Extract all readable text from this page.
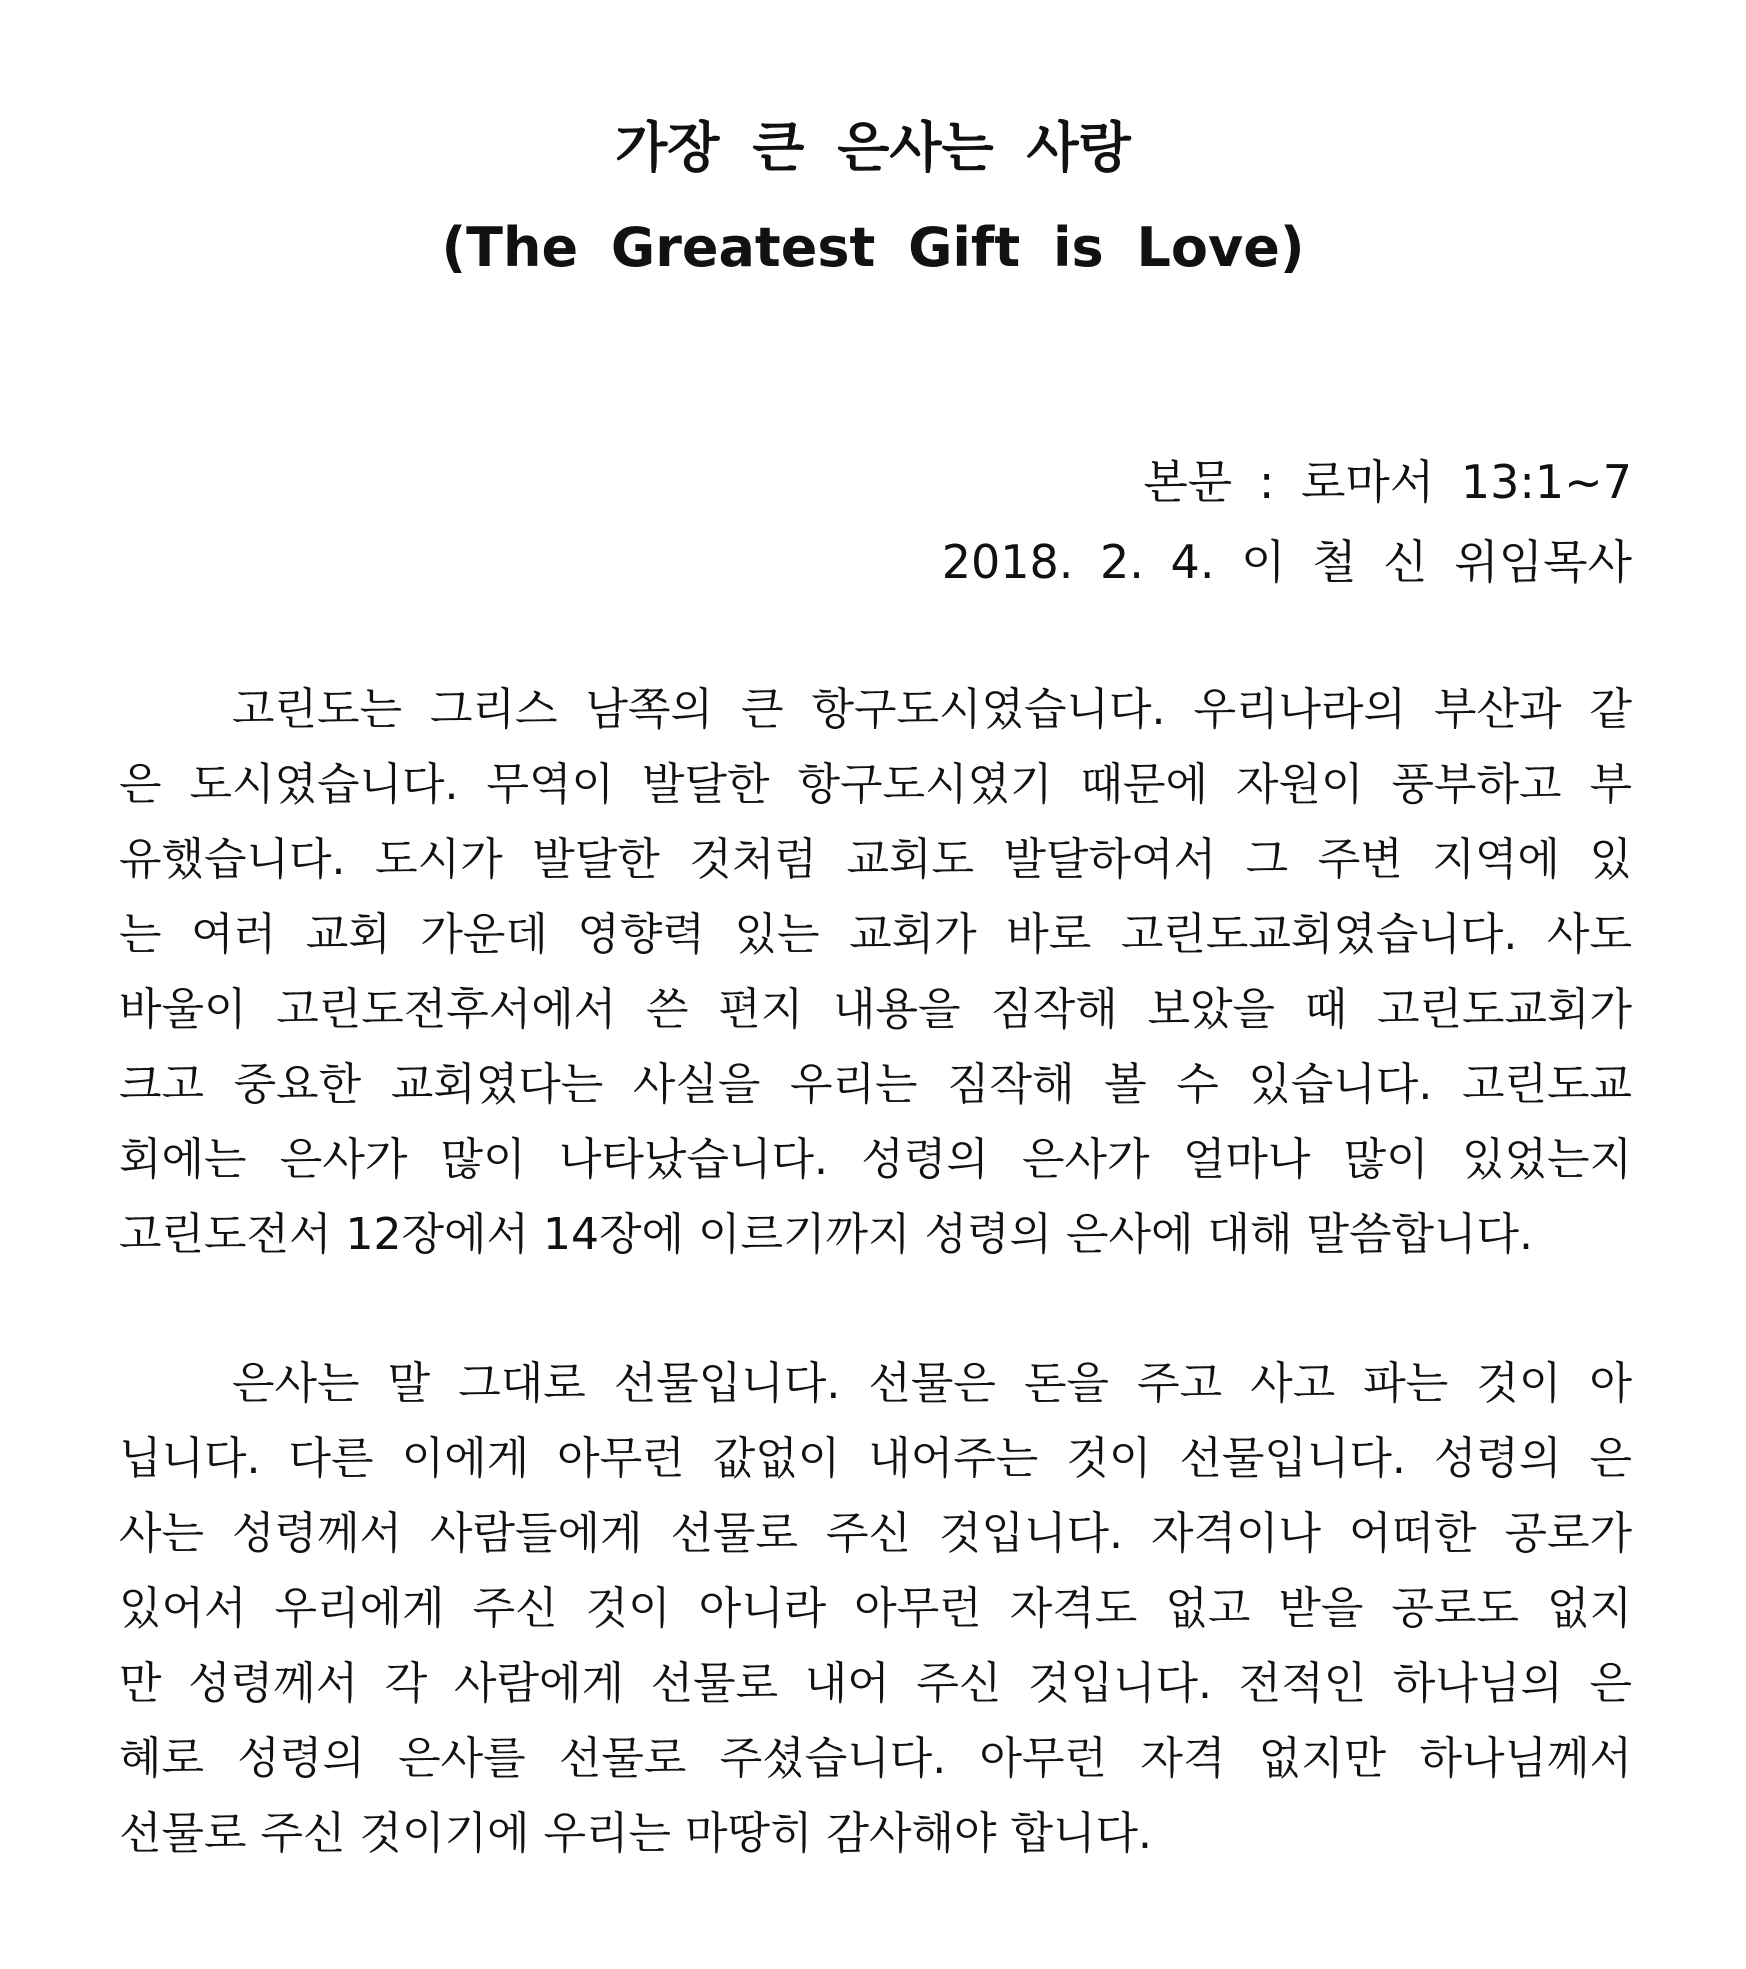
가장 큰 은사는 사랑
(The Greatest Gift is Love)
본문 : 로마서 13:1~7
2018. 2. 4. 이 철 신 위임목사
고린도는 그리스 남쪽의 큰 항구도시였습니다. 우리나라의 부산과 같
은 도시였습니다. 무역이 발달한 항구도시였기 때문에 자원이 풍부하고 부
유했습니다. 도시가 발달한 것처럼 교회도 발달하여서 그 주변 지역에 있
는 여러 교회 가운데 영향력 있는 교회가 바로 고린도교회였습니다. 사도
바울이 고린도전후서에서 쓴 편지 내용을 짐작해 보았을 때 고린도교회가
크고 중요한 교회였다는 사실을 우리는 짐작해 볼 수 있습니다. 고린도교
회에는 은사가 많이 나타났습니다. 성령의 은사가 얼마나 많이 있었는지
고린도전서 12장에서 14장에 이르기까지 성령의 은사에 대해 말씀합니다.
은사는 말 그대로 선물입니다. 선물은 돈을 주고 사고 파는 것이 아
닙니다. 다른 이에게 아무런 값없이 내어주는 것이 선물입니다. 성령의 은
사는 성령께서 사람들에게 선물로 주신 것입니다. 자격이나 어떠한 공로가
있어서 우리에게 주신 것이 아니라 아무런 자격도 없고 받을 공로도 없지
만 성령께서 각 사람에게 선물로 내어 주신 것입니다. 전적인 하나님의 은
혜로 성령의 은사를 선물로 주셨습니다. 아무런 자격 없지만 하나님께서
선물로 주신 것이기에 우리는 마땅히 감사해야 합니다.
